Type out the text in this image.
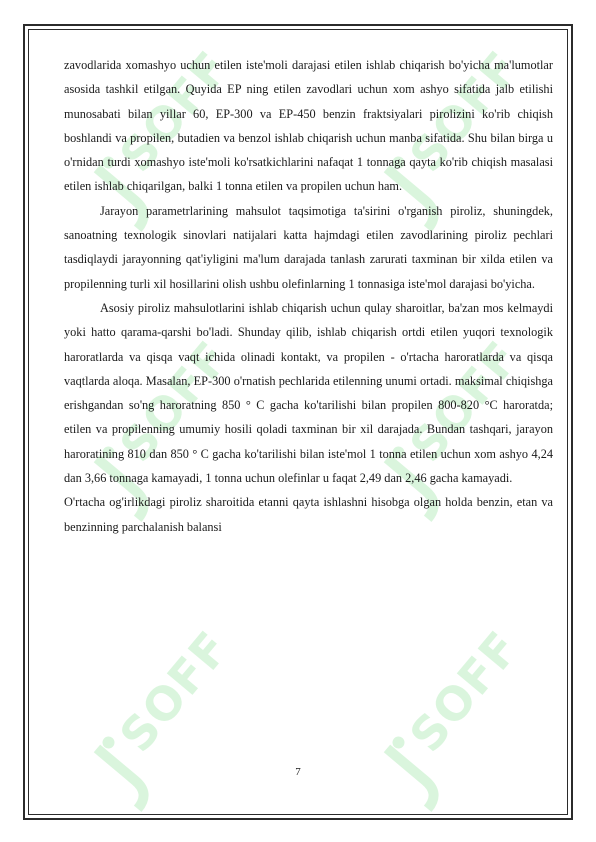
SOFF	SOFF
SOFF	SOFF
SOFF	SOFF

zavodlarida xomashyo uchun etilen iste'moli darajasi etilen ishlab chiqarish bo'yicha ma'lumotlar asosida tashkil etilgan. Quyida EP ning etilen zavodlari uchun xom ashyo sifatida jalb etilishi munosabati bilan yillar 60, EP-300 va EP-450 benzin fraktsiyalari pirolizini ko'rib chiqish boshlandi va propilen, butadien va benzol ishlab chiqarish uchun manba sifatida. Shu bilan birga u o'rnidan turdi xomashyo iste'moli ko'rsatkichlarini nafaqat 1 tonnaga qayta ko'rib chiqish masalasi etilen ishlab chiqarilgan, balki 1 tonna etilen va propilen uchun ham.

Jarayon parametrlarining mahsulot taqsimotiga ta'sirini o'rganish piroliz, shuningdek, sanoatning texnologik sinovlari natijalari katta hajmdagi etilen zavodlarining piroliz pechlari tasdiqlaydi jarayonning qat'iyligini ma'lum darajada tanlash zarurati taxminan bir xilda etilen va propilenning turli xil hosillarini olish ushbu olefinlarning 1 tonnasiga iste'mol darajasi bo'yicha.

Asosiy piroliz mahsulotlarini ishlab chiqarish uchun qulay sharoitlar, ba'zan mos kelmaydi yoki hatto qarama-qarshi bo'ladi. Shunday qilib, ishlab chiqarish ortdi etilen yuqori texnologik haroratlarda va qisqa vaqt ichida olinadi kontakt, va propilen - o'rtacha haroratlarda va qisqa vaqtlarda aloqa. Masalan, EP-300 o'rnatish pechlarida etilenning unumi ortadi. maksimal chiqishga erishgandan so'ng haroratning 850 ° C gacha ko'tarilishi bilan propilen 800-820 °C haroratda; etilen va propilenning umumiy hosili qoladi taxminan bir xil darajada. Bundan tashqari, jarayon haroratining 810 dan 850 ° C gacha ko'tarilishi bilan iste'mol 1 tonna etilen uchun xom ashyo 4,24 dan 3,66 tonnaga kamayadi, 1 tonna uchun olefinlar u faqat 2,49 dan 2,46 gacha kamayadi.

O'rtacha og'irlikdagi piroliz sharoitida etanni qayta ishlashni hisobga olgan holda benzin, etan va benzinning parchalanish balansi

7
